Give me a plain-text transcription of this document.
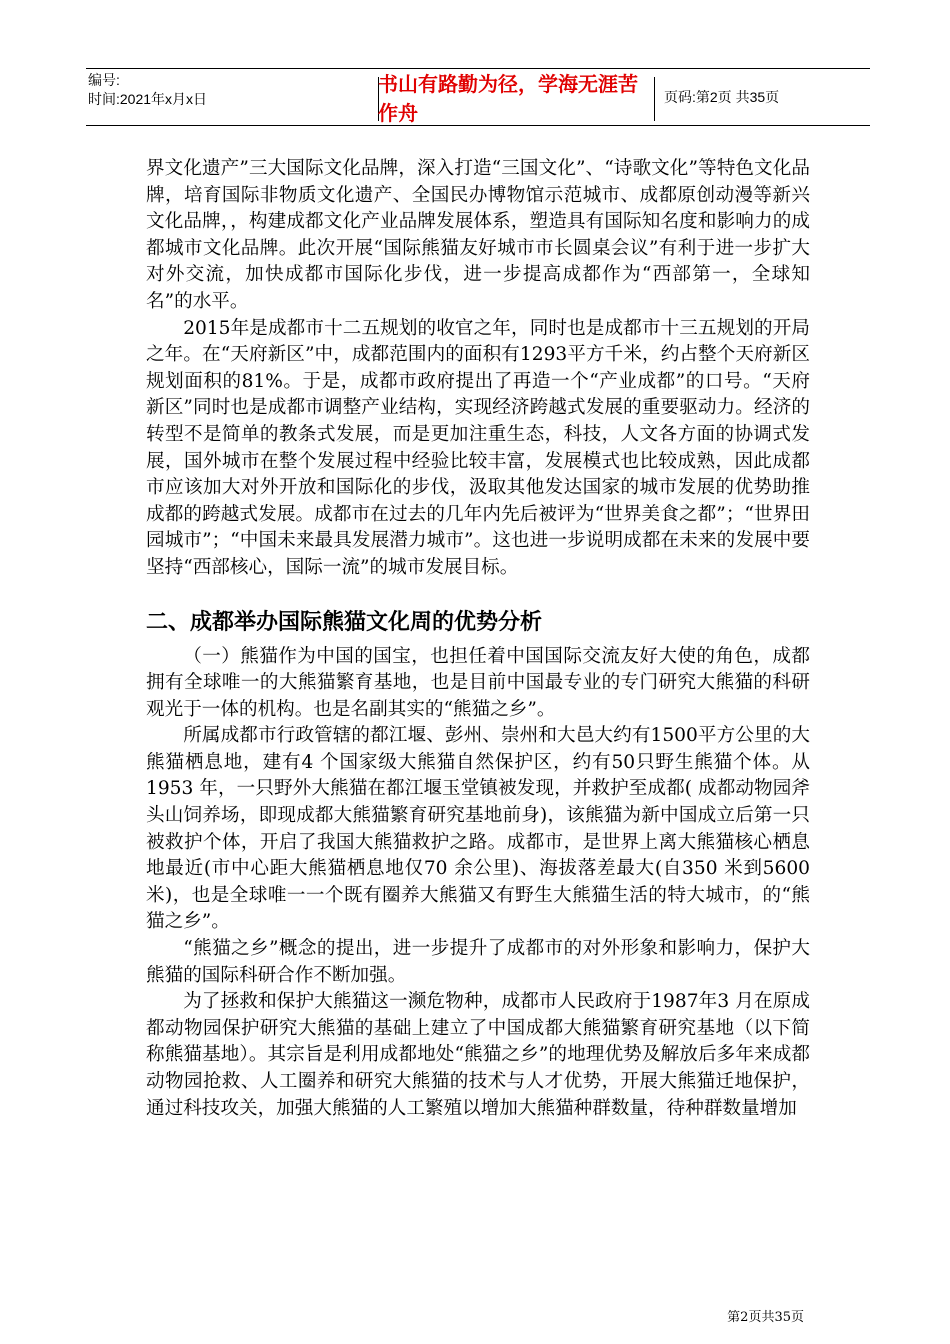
编号:
时间:2021年x月x日
书山有路勤为径，学海无涯苦作舟
页码:第2页 共35页

界文化遗产”三大国际文化品牌，深入打造“三国文化”、“诗歌文化”等特色文化品牌，培育国际非物质文化遗产、全国民办博物馆示范城市、成都原创动漫等新兴文化品牌，，构建成都文化产业品牌发展体系，塑造具有国际知名度和影响力的成都城市文化品牌。此次开展“国际熊猫友好城市市长圆桌会议”有利于进一步扩大对外交流，加快成都市国际化步伐，进一步提高成都作为“西部第一，全球知名”的水平。

2015年是成都市十二五规划的收官之年，同时也是成都市十三五规划的开局之年。在“天府新区”中，成都范围内的面积有1293平方千米，约占整个天府新区规划面积的81%。于是，成都市政府提出了再造一个“产业成都”的口号。“天府新区”同时也是成都市调整产业结构，实现经济跨越式发展的重要驱动力。经济的转型不是简单的教条式发展，而是更加注重生态，科技，人文各方面的协调式发展，国外城市在整个发展过程中经验比较丰富，发展模式也比较成熟，因此成都市应该加大对外开放和国际化的步伐，汲取其他发达国家的城市发展的优势助推成都的跨越式发展。成都市在过去的几年内先后被评为“世界美食之都”；“世界田园城市”；“中国未来最具发展潜力城市”。这也进一步说明成都在未来的发展中要坚持“西部核心，国际一流”的城市发展目标。

二、成都举办国际熊猫文化周的优势分析

（一）熊猫作为中国的国宝，也担任着中国国际交流友好大使的角色，成都拥有全球唯一的大熊猫繁育基地，也是目前中国最专业的专门研究大熊猫的科研观光于一体的机构。也是名副其实的“熊猫之乡”。

所属成都市行政管辖的都江堰、彭州、崇州和大邑大约有1500平方公里的大熊猫栖息地，建有4 个国家级大熊猫自然保护区，约有50只野生熊猫个体。从1953 年，一只野外大熊猫在都江堰玉堂镇被发现，并救护至成都( 成都动物园斧头山饲养场，即现成都大熊猫繁育研究基地前身)，该熊猫为新中国成立后第一只被救护个体，开启了我国大熊猫救护之路。成都市，是世界上离大熊猫核心栖息地最近(市中心距大熊猫栖息地仅70 余公里)、海拔落差最大(自350 米到5600 米)，也是全球唯一一个既有圈养大熊猫又有野生大熊猫生活的特大城市，的“熊猫之乡”。

“熊猫之乡”概念的提出，进一步提升了成都市的对外形象和影响力，保护大熊猫的国际科研合作不断加强。

为了拯救和保护大熊猫这一濒危物种，成都市人民政府于1987年3 月在原成都动物园保护研究大熊猫的基础上建立了中国成都大熊猫繁育研究基地（以下简称熊猫基地）。其宗旨是利用成都地处“熊猫之乡”的地理优势及解放后多年来成都动物园抢救、人工圈养和研究大熊猫的技术与人才优势，开展大熊猫迁地保护，通过科技攻关，加强大熊猫的人工繁殖以增加大熊猫种群数量，待种群数量增加

第2页共35页
